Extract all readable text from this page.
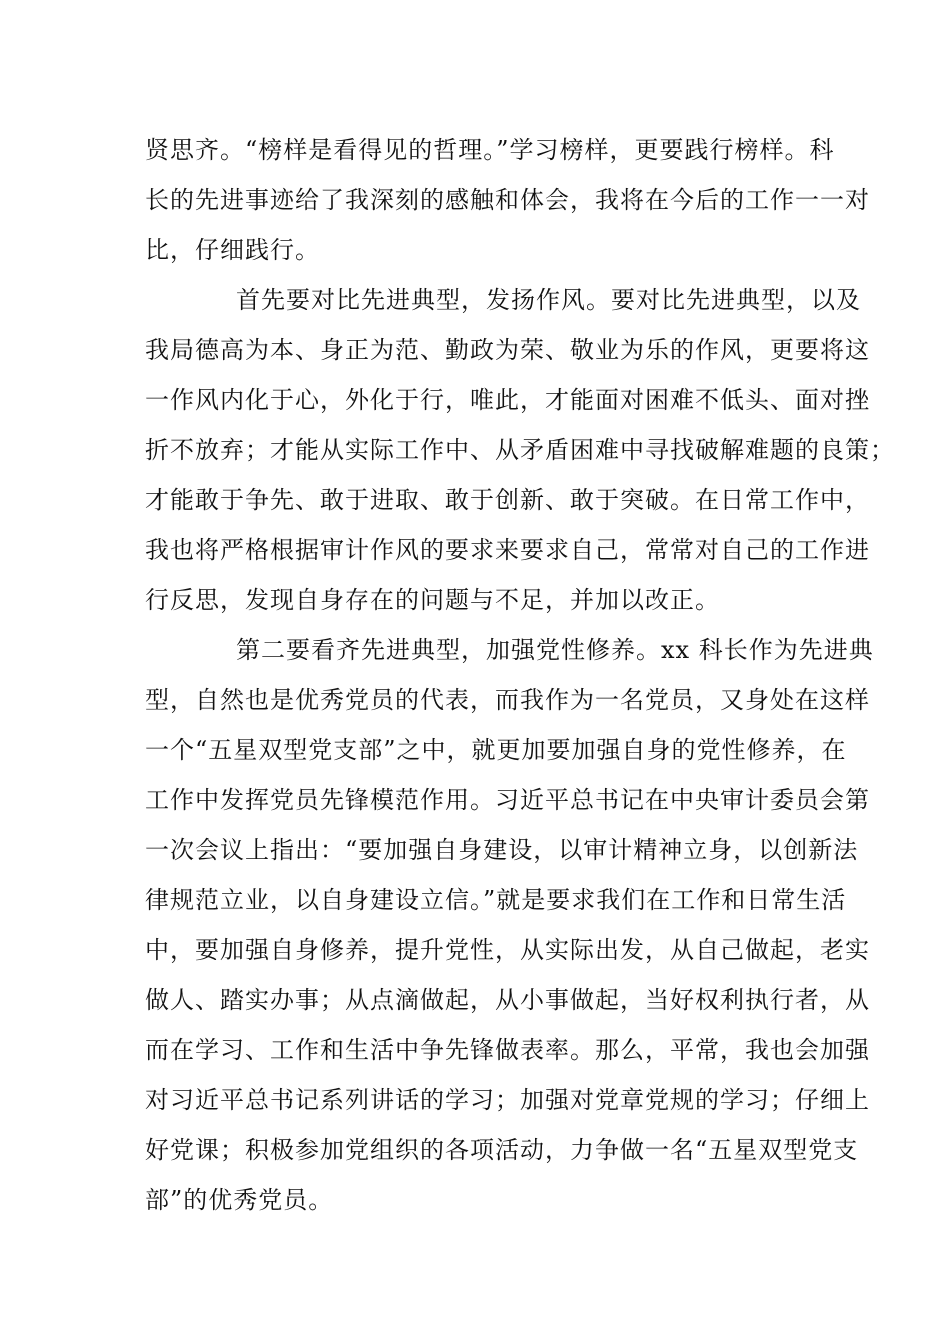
贤思齐。“榜样是看得见的哲理。”学习榜样，更要践行榜样。科
长的先进事迹给了我深刻的感触和体会，我将在今后的工作一一对
比，仔细践行。
首先要对比先进典型，发扬作风。要对比先进典型，以及
我局德高为本、身正为范、勤政为荣、敬业为乐的作风，更要将这
一作风内化于心，外化于行，唯此，才能面对困难不低头、面对挫
折不放弃；才能从实际工作中、从矛盾困难中寻找破解难题的良策；
才能敢于争先、敢于进取、敢于创新、敢于突破。在日常工作中，
我也将严格根据审计作风的要求来要求自己，常常对自己的工作进
行反思，发现自身存在的问题与不足，并加以改正。
第二要看齐先进典型，加强党性修养。xx 科长作为先进典
型，自然也是优秀党员的代表，而我作为一名党员，又身处在这样
一个“五星双型党支部”之中，就更加要加强自身的党性修养，在
工作中发挥党员先锋模范作用。习近平总书记在中央审计委员会第
一次会议上指出：“要加强自身建设，以审计精神立身，以创新法
律规范立业，以自身建设立信。”就是要求我们在工作和日常生活
中，要加强自身修养，提升党性，从实际出发，从自己做起，老实
做人、踏实办事；从点滴做起，从小事做起，当好权利执行者，从
而在学习、工作和生活中争先锋做表率。那么，平常，我也会加强
对习近平总书记系列讲话的学习；加强对党章党规的学习；仔细上
好党课；积极参加党组织的各项活动，力争做一名“五星双型党支
部”的优秀党员。
